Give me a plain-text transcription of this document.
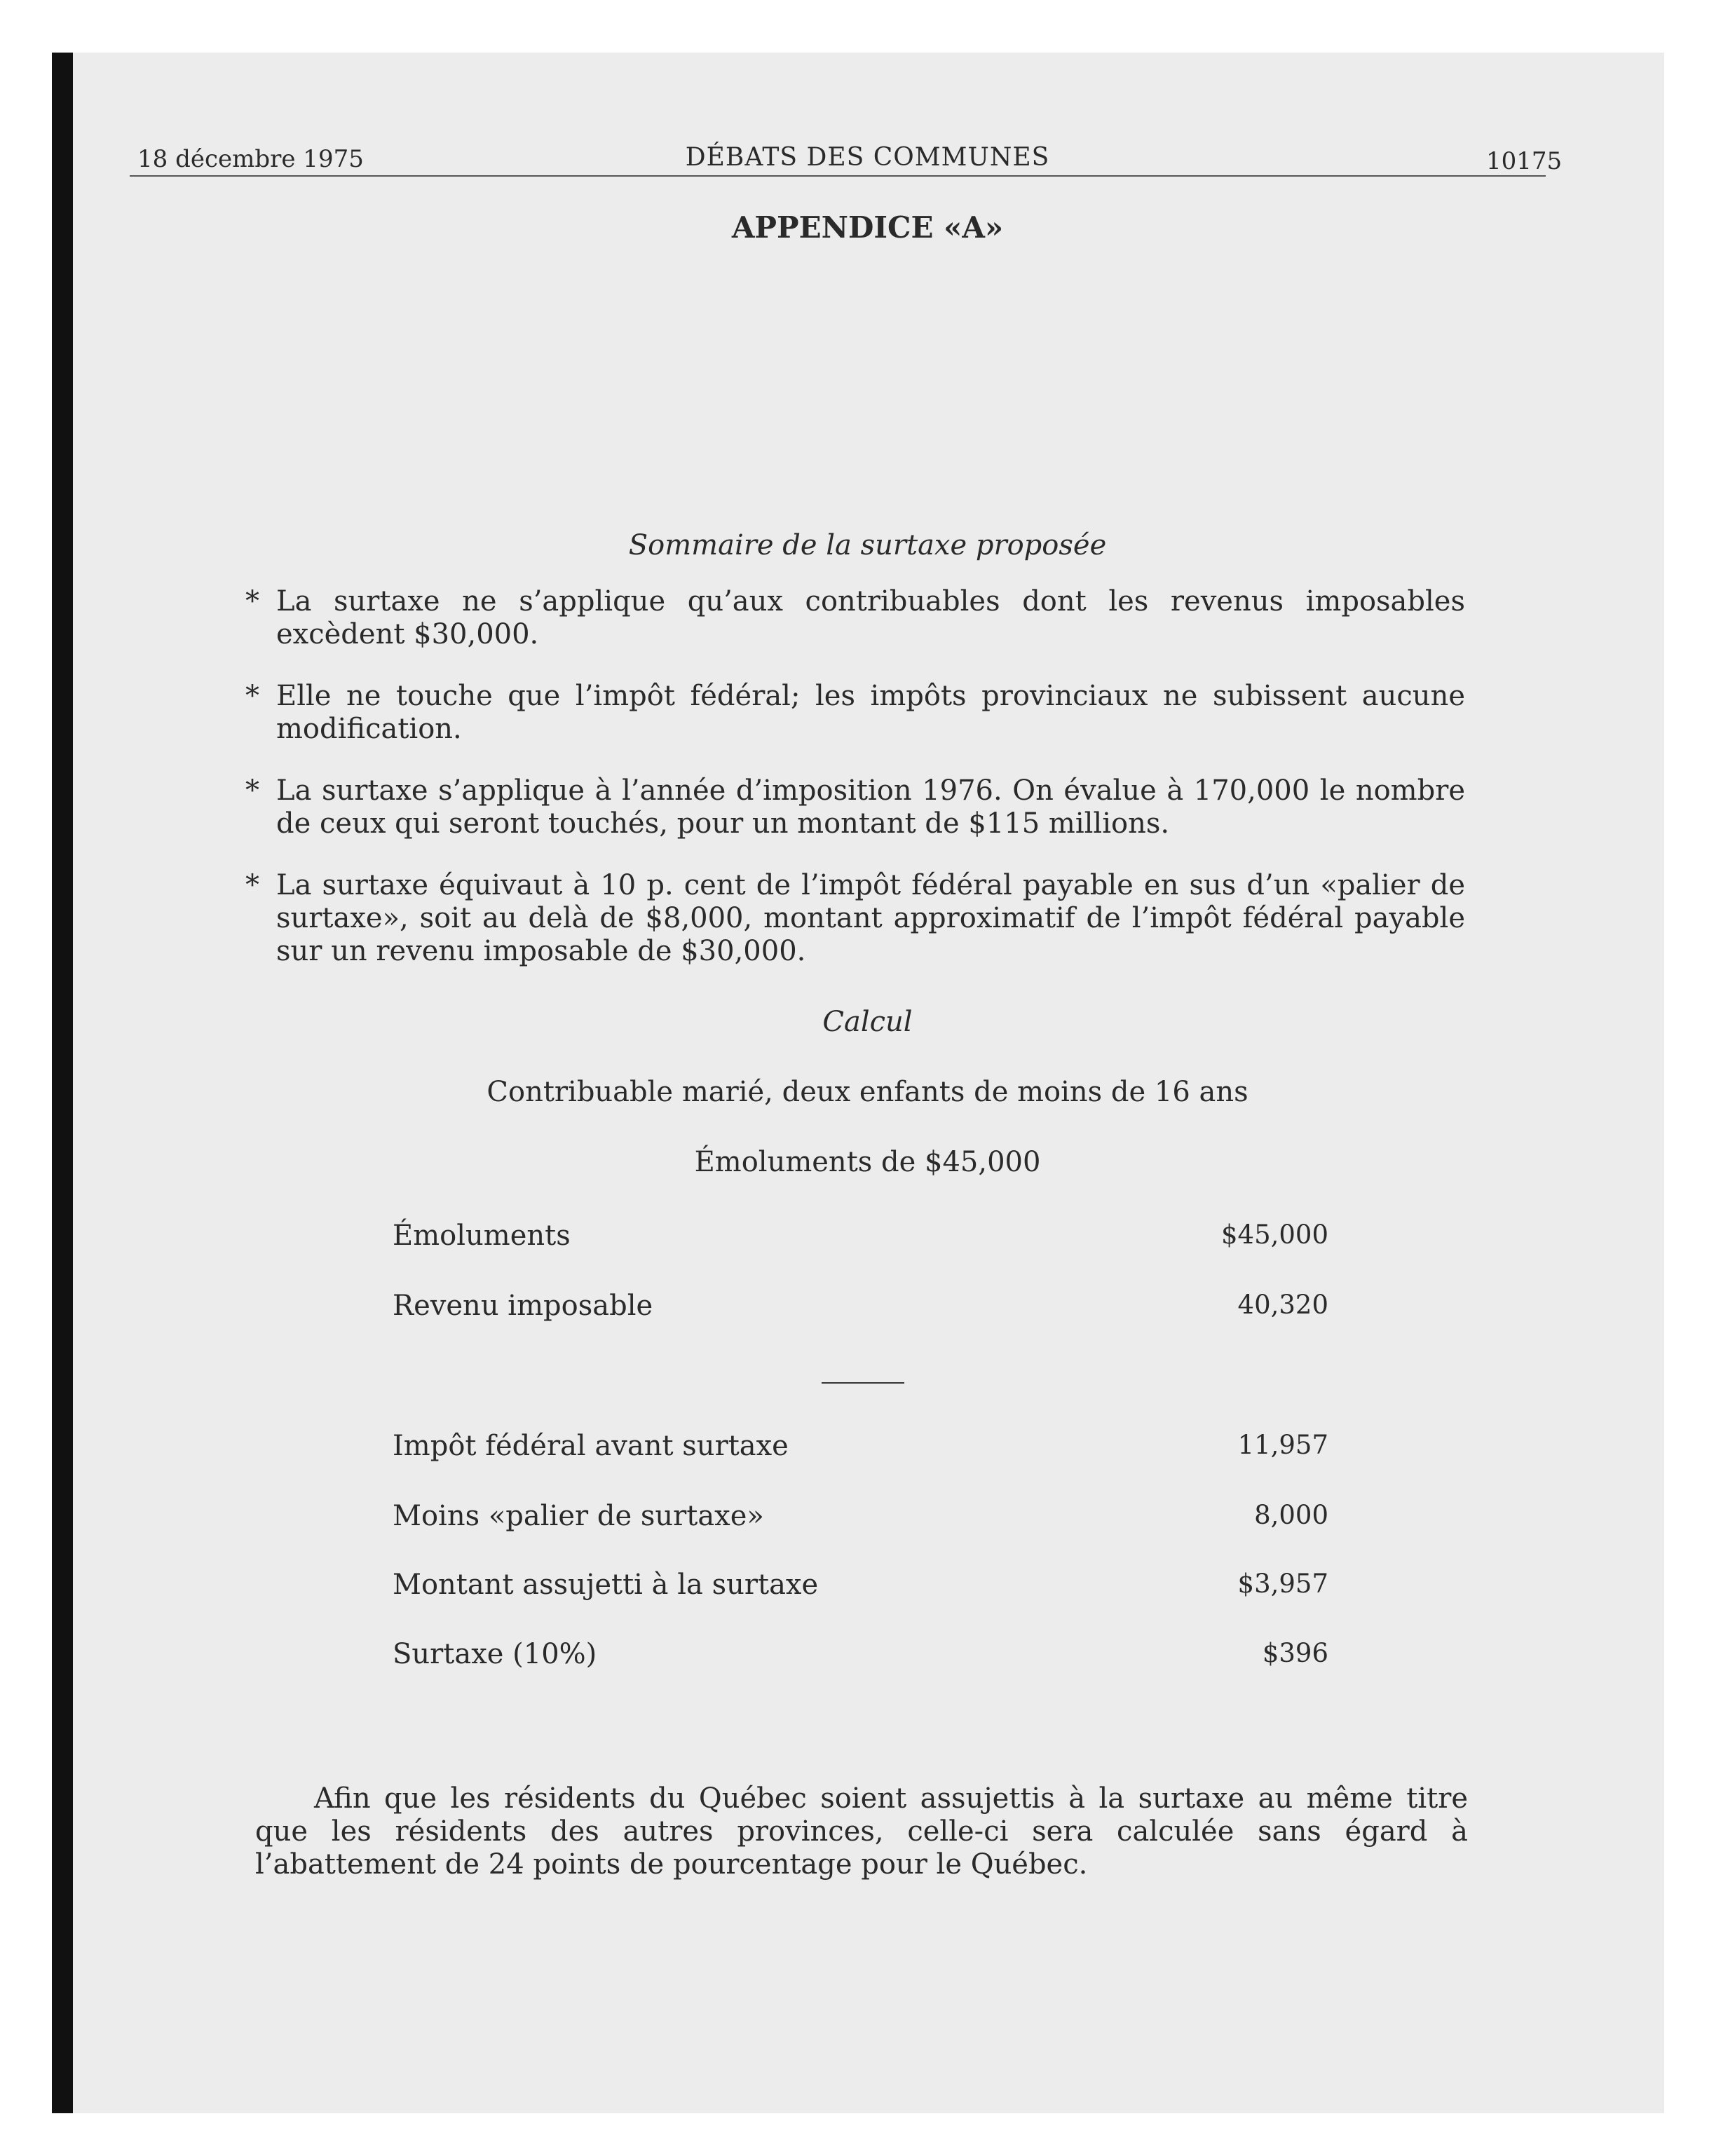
18 décembre 1975	DÉBATS DES COMMUNES	10175
APPENDICE «A»
Sommaire de la surtaxe proposée
* La surtaxe ne s’applique qu’aux contribuables dont les revenus imposables excèdent $30,000.
* Elle ne touche que l’impôt fédéral; les impôts provinciaux ne subissent aucune modification.
* La surtaxe s’applique à l’année d’imposition 1976. On évalue à 170,000 le nombre de ceux qui seront touchés, pour un montant de $115 millions.
* La surtaxe équivaut à 10 p. cent de l’impôt fédéral payable en sus d’un «palier de surtaxe», soit au delà de $8,000, montant approximatif de l’impôt fédéral payable sur un revenu imposable de $30,000.
Calcul
Contribuable marié, deux enfants de moins de 16 ans
Émoluments de $45,000
Émoluments	$45,000
Revenu imposable	40,320
Impôt fédéral avant surtaxe	11,957
Moins «palier de surtaxe»	8,000
Montant assujetti à la surtaxe	$3,957
Surtaxe (10%)	$396
Afin que les résidents du Québec soient assujettis à la surtaxe au même titre que les résidents des autres provinces, celle-ci sera calculée sans égard à l’abattement de 24 points de pourcentage pour le Québec.
